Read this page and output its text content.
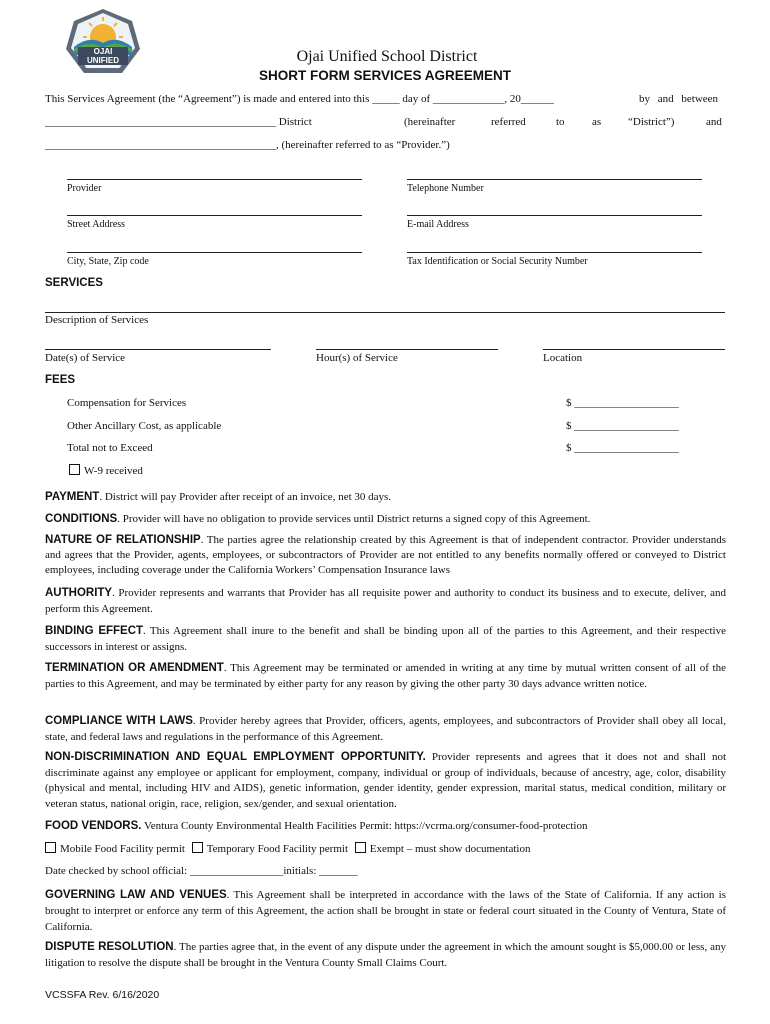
OJAI UNIFIED
SCHOOL DISTRICT
Ojai Unified School District
SHORT FORM SERVICES AGREEMENT
This Services Agreement (the “Agreement”) is made and entered into this _____ day of _____________, 20______	by and between
__________________________________________ District	(hereinafter	referred	to as “District”)	and
__________________________________________, (hereinafter referred to as “Provider.”)
Provider	Telephone Number
Street Address	E-mail Address
City, State, Zip code	Tax Identification or Social Security Number
SERVICES
Description of Services
Date(s) of Service	Hour(s) of Service	Location
FEES
Compensation for Services	$ ___________________
Other Ancillary Cost, as applicable	$ ___________________
Total not to Exceed	$ ___________________
W-9 received
PAYMENT. District will pay Provider after receipt of an invoice, net 30 days.
CONDITIONS. Provider will have no obligation to provide services until District returns a signed copy of this Agreement.
NATURE OF RELATIONSHIP. The parties agree the relationship created by this Agreement is that of independent contractor. Provider understands and agrees that the Provider, agents, employees, or subcontractors of Provider are not entitled to any benefits normally offered or conveyed to District employees, including coverage under the California Workers’ Compensation Insurance laws
AUTHORITY. Provider represents and warrants that Provider has all requisite power and authority to conduct its business and to execute, deliver, and perform this Agreement.
BINDING EFFECT. This Agreement shall inure to the benefit and shall be binding upon all of the parties to this Agreement, and their respective successors in interest or assigns.
TERMINATION OR AMENDMENT. This Agreement may be terminated or amended in writing at any time by mutual written consent of all of the parties to this Agreement, and may be terminated by either party for any reason by giving the other party 30 days advance written notice.
COMPLIANCE WITH LAWS. Provider hereby agrees that Provider, officers, agents, employees, and subcontractors of Provider shall obey all local, state, and federal laws and regulations in the performance of this Agreement.
NON-DISCRIMINATION AND EQUAL EMPLOYMENT OPPORTUNITY. Provider represents and agrees that it does not and shall not discriminate against any employee or applicant for employment, company, individual or group of individuals, because of ancestry, age, color, disability (physical and mental, including HIV and AIDS), genetic information, gender identity, gender expression, marital status, medical condition, military or veteran status, national origin, race, religion, sex/gender, and sexual orientation.
FOOD VENDORS. Ventura County Environmental Health Facilities Permit: https://vcrma.org/consumer-food-protection
Mobile Food Facility permit Temporary Food Facility permit Exempt – must show documentation
Date checked by school official: _________________initials: _______
GOVERNING LAW AND VENUES. This Agreement shall be interpreted in accordance with the laws of the State of California. If any action is brought to interpret or enforce any term of this Agreement, the action shall be brought in state or federal court situated in the County of Ventura, State of California.
DISPUTE RESOLUTION. The parties agree that, in the event of any dispute under the agreement in which the amount sought is $5,000.00 or less, any litigation to resolve the dispute shall be brought in the Ventura County Small Claims Court.
VCSSFA Rev. 6/16/2020
